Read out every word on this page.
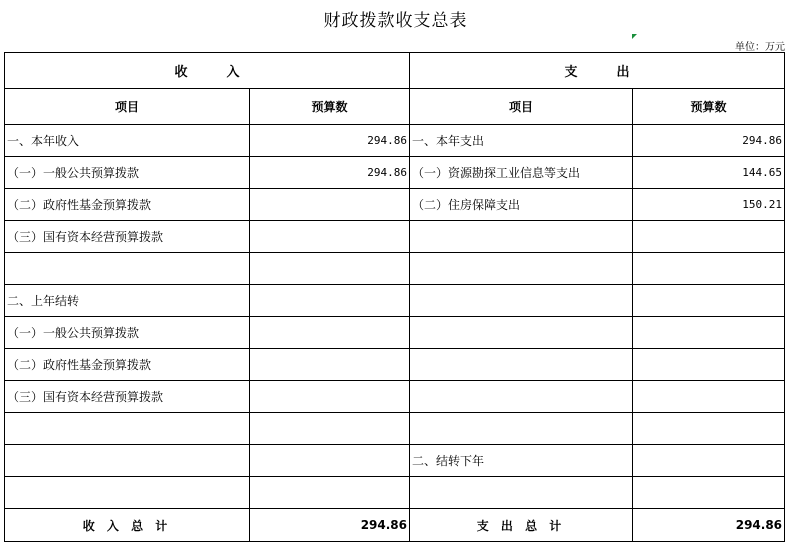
财政拨款收支总表
单位：万元
收　　　入		支　　　出	
项目	预算数	项目	预算数
一、本年收入	294.86	一、本年支出	294.86
（一）一般公共预算拨款	294.86	（一）资源勘探工业信息等支出	144.65
（二）政府性基金预算拨款		（二）住房保障支出	150.21
（三）国有资本经营预算拨款			

二、上年结转			
（一）一般公共预算拨款			
（二）政府性基金预算拨款			
（三）国有资本经营预算拨款			

		二、结转下年	

收 入 总 计	294.86	支 出 总 计	294.86
